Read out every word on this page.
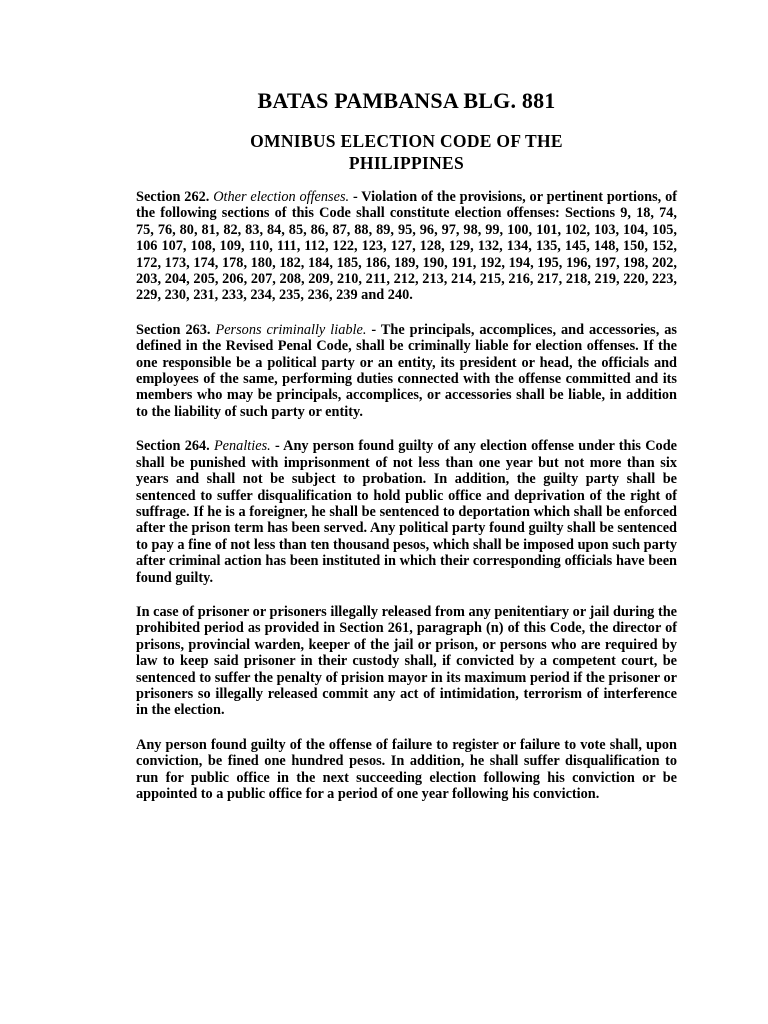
BATAS PAMBANSA BLG. 881
OMNIBUS ELECTION CODE OF THE
PHILIPPINES

Section 262. Other election offenses. - Violation of the provisions, or pertinent portions, of the following sections of this Code shall constitute election offenses: Sections 9, 18, 74, 75, 76, 80, 81, 82, 83, 84, 85, 86, 87, 88, 89, 95, 96, 97, 98, 99, 100, 101, 102, 103, 104, 105, 106 107, 108, 109, 110, 111, 112, 122, 123, 127, 128, 129, 132, 134, 135, 145, 148, 150, 152, 172, 173, 174, 178, 180, 182, 184, 185, 186, 189, 190, 191, 192, 194, 195, 196, 197, 198, 202, 203, 204, 205, 206, 207, 208, 209, 210, 211, 212, 213, 214, 215, 216, 217, 218, 219, 220, 223, 229, 230, 231, 233, 234, 235, 236, 239 and 240.

Section 263. Persons criminally liable. - The principals, accomplices, and accessories, as defined in the Revised Penal Code, shall be criminally liable for election offenses. If the one responsible be a political party or an entity, its president or head, the officials and employees of the same, performing duties connected with the offense committed and its members who may be principals, accomplices, or accessories shall be liable, in addition to the liability of such party or entity.

Section 264. Penalties. - Any person found guilty of any election offense under this Code shall be punished with imprisonment of not less than one year but not more than six years and shall not be subject to probation. In addition, the guilty party shall be sentenced to suffer disqualification to hold public office and deprivation of the right of suffrage. If he is a foreigner, he shall be sentenced to deportation which shall be enforced after the prison term has been served. Any political party found guilty shall be sentenced to pay a fine of not less than ten thousand pesos, which shall be imposed upon such party after criminal action has been instituted in which their corresponding officials have been found guilty.

In case of prisoner or prisoners illegally released from any penitentiary or jail during the prohibited period as provided in Section 261, paragraph (n) of this Code, the director of prisons, provincial warden, keeper of the jail or prison, or persons who are required by law to keep said prisoner in their custody shall, if convicted by a competent court, be sentenced to suffer the penalty of prision mayor in its maximum period if the prisoner or prisoners so illegally released commit any act of intimidation, terrorism of interference in the election.

Any person found guilty of the offense of failure to register or failure to vote shall, upon conviction, be fined one hundred pesos. In addition, he shall suffer disqualification to run for public office in the next succeeding election following his conviction or be appointed to a public office for a period of one year following his conviction.
